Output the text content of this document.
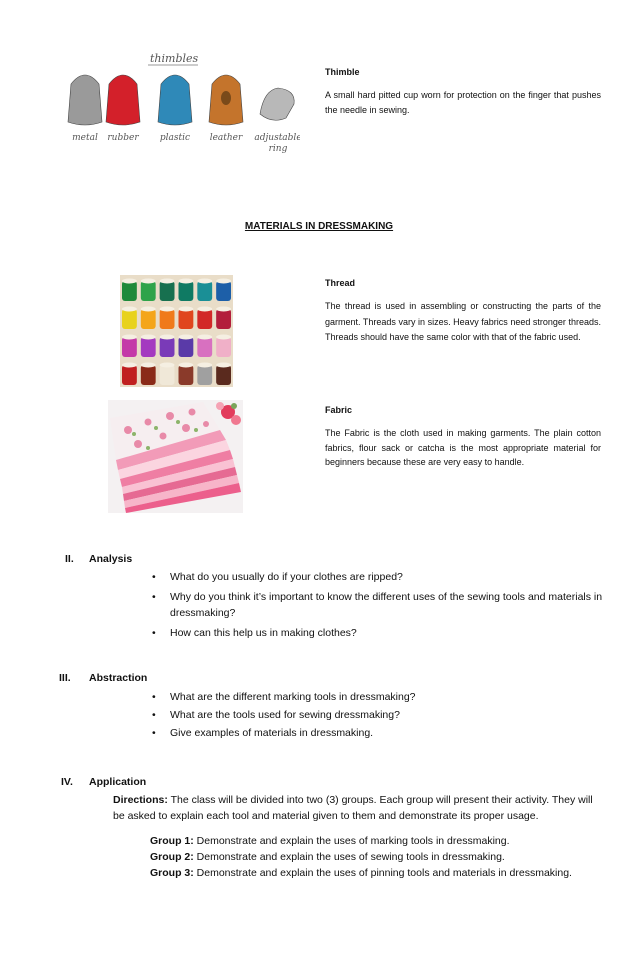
thimbles
metal rubber plastic leather adjustable
ring
Thimble
A small hard pitted cup worn for protection on the finger that pushes the needle in sewing.
MATERIALS IN DRESSMAKING
Thread
The thread is used in assembling or constructing the parts of the garment. Threads vary in sizes. Heavy fabrics need stronger threads. Threads should have the same color with that of the fabric used.
Fabric
The Fabric is the cloth used in making garments. The plain cotton fabrics, flour sack or catcha is the most appropriate material for beginners because these are very easy to handle.
II.	Analysis
• What do you usually do if your clothes are ripped?
• Why do you think it’s important to know the different uses of the sewing tools and materials in dressmaking?
• How can this help us in making clothes?
III.	Abstraction
• What are the different marking tools in dressmaking?
• What are the tools used for sewing dressmaking?
• Give examples of materials in dressmaking.
IV.	Application
Directions: The class will be divided into two (3) groups. Each group will present their activity. They will be asked to explain each tool and material given to them and demonstrate its proper usage.
Group 1: Demonstrate and explain the uses of marking tools in dressmaking.
Group 2: Demonstrate and explain the uses of sewing tools in dressmaking.
Group 3: Demonstrate and explain the uses of pinning tools and materials in dressmaking.
